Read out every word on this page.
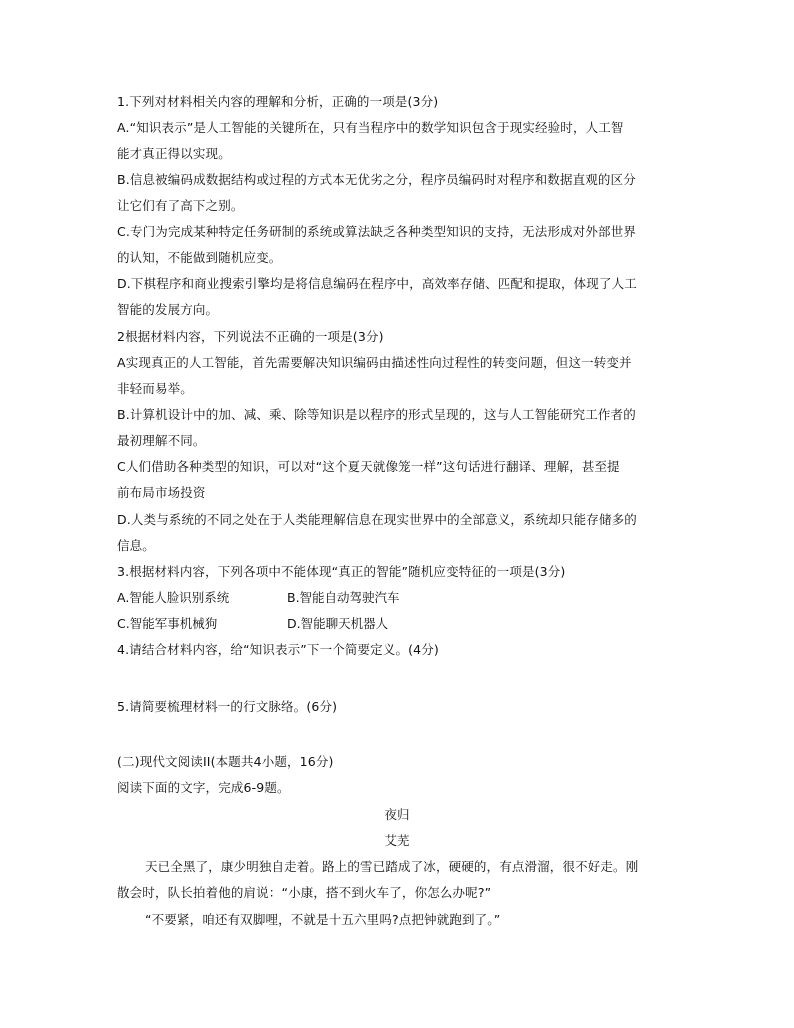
1.下列对材料相关内容的理解和分析，正确的一项是(3分)
A.“知识表示”是人工智能的关键所在，只有当程序中的数学知识包含于现实经验时，人工智
能才真正得以实现。
B.信息被编码成数据结构或过程的方式本无优劣之分，程序员编码时对程序和数据直观的区分
让它们有了高下之别。
C.专门为完成某种特定任务研制的系统或算法缺乏各种类型知识的支持，无法形成对外部世界
的认知，不能做到随机应变。
D.下棋程序和商业搜索引擎均是将信息编码在程序中，高效率存储、匹配和提取，体现了人工
智能的发展方向。
2根据材料内容，下列说法不正确的一项是(3分)
A实现真正的人工智能，首先需要解决知识编码由描述性向过程性的转变问题，但这一转变并
非轻而易举。
B.计算机设计中的加、减、乘、除等知识是以程序的形式呈现的，这与人工智能研究工作者的
最初理解不同。
C人们借助各种类型的知识，可以对“这个夏天就像笼一样”这句话进行翻译、理解，甚至提
前布局市场投资
D.人类与系统的不同之处在于人类能理解信息在现实世界中的全部意义，系统却只能存储多的
信息。
3.根据材料内容，下列各项中不能体现“真正的智能”随机应变特征的一项是(3分)
A.智能人脸识别系统	B.智能自动驾驶汽车
C.智能军事机械狗	D.智能聊天机器人
4.请结合材料内容，给“知识表示”下一个简要定义。(4分)
5.请简要梳理材料一的行文脉络。(6分)
(二)现代文阅读II(本题共4小题，16分)
阅读下面的文字，完成6-9题。
夜归
艾芜
天已全黑了，康少明独自走着。路上的雪已踏成了冰，硬硬的，有点滑溜，很不好走。刚
散会时，队长拍着他的肩说：“小康，搭不到火车了，你怎么办呢?”
“不要紧，咱还有双脚哩，不就是十五六里吗?点把钟就跑到了。”
